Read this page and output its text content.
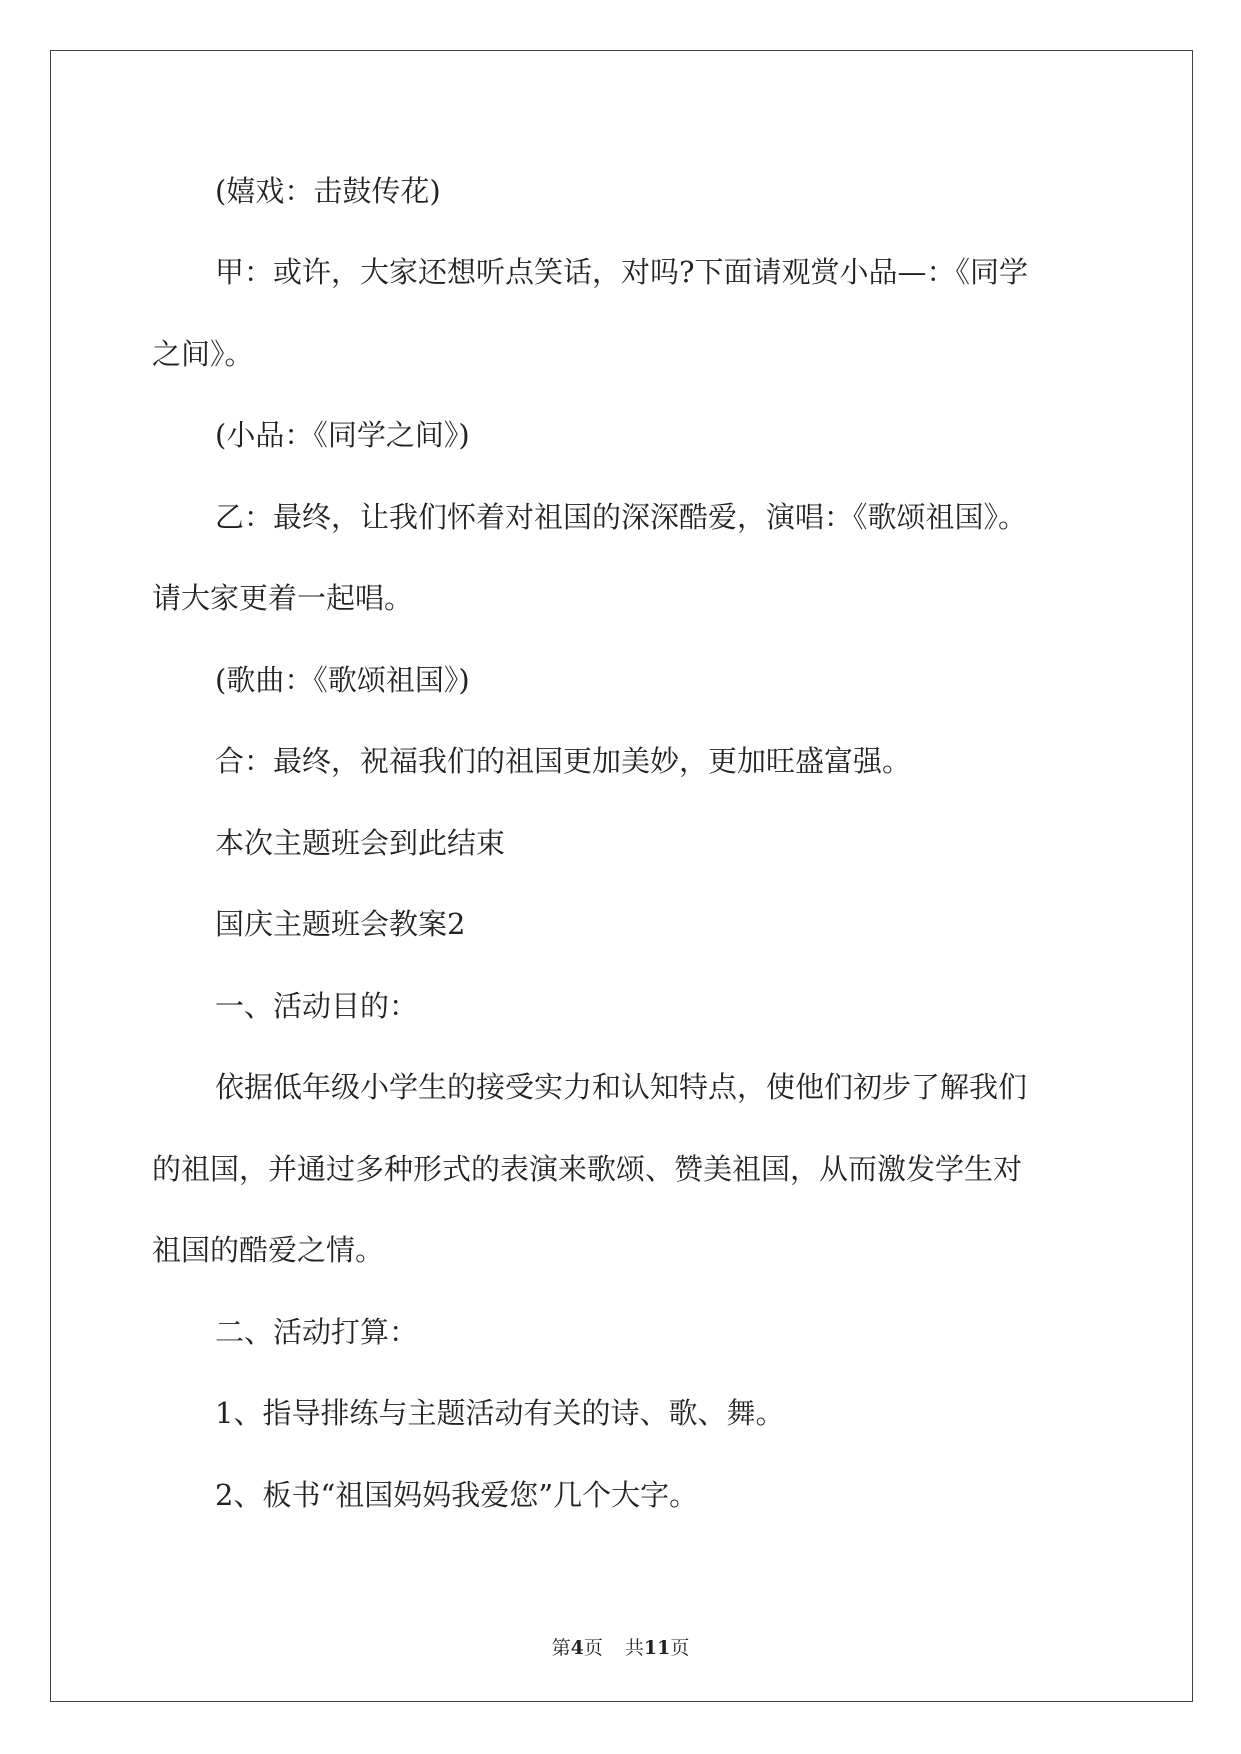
(嬉戏：击鼓传花)
甲：或许，大家还想听点笑话，对吗?下面请观赏小品—：《同学
之间》。
(小品：《同学之间》)
乙：最终，让我们怀着对祖国的深深酷爱，演唱：《歌颂祖国》。
请大家更着一起唱。
(歌曲：《歌颂祖国》)
合：最终，祝福我们的祖国更加美妙，更加旺盛富强。
本次主题班会到此结束
国庆主题班会教案2
一、活动目的：
依据低年级小学生的接受实力和认知特点，使他们初步了解我们
的祖国，并通过多种形式的表演来歌颂、赞美祖国，从而激发学生对
祖国的酷爱之情。
二、活动打算：
1、指导排练与主题活动有关的诗、歌、舞。
2、板书“祖国妈妈我爱您”几个大字。
第4页 共11页
